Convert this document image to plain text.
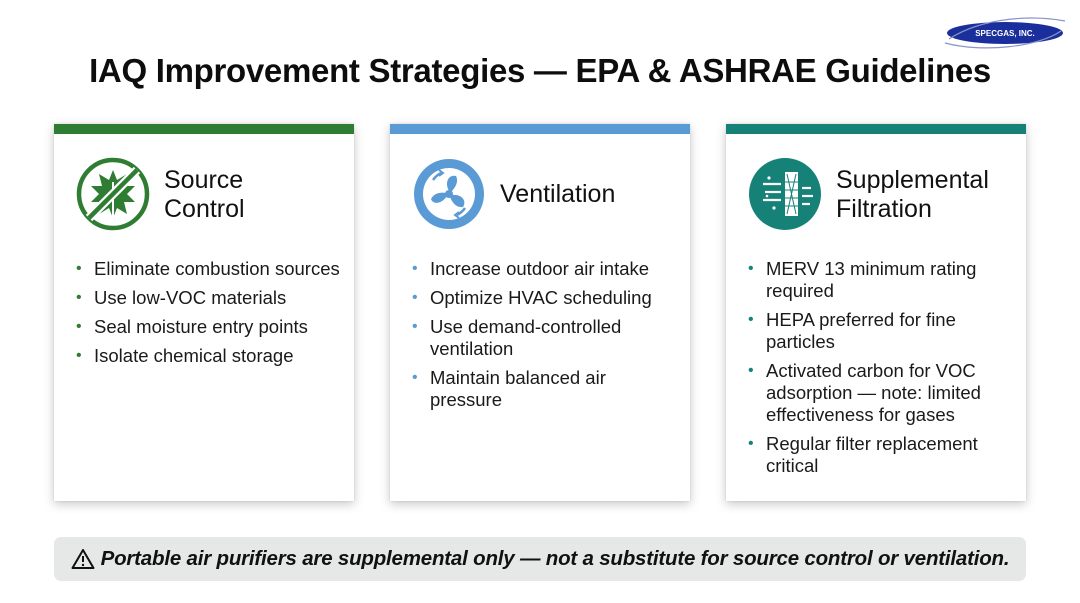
SPECGAS, INC.
IAQ Improvement Strategies — EPA & ASHRAE Guidelines
Source
Control
• Eliminate combustion sources
• Use low-VOC materials
• Seal moisture entry points
• Isolate chemical storage
Ventilation
• Increase outdoor air intake
• Optimize HVAC scheduling
• Use demand-controlled ventilation
• Maintain balanced air pressure
Supplemental
Filtration
• MERV 13 minimum rating required
• HEPA preferred for fine particles
• Activated carbon for VOC adsorption — note: limited effectiveness for gases
• Regular filter replacement critical
Portable air purifiers are supplemental only — not a substitute for source control or ventilation.
